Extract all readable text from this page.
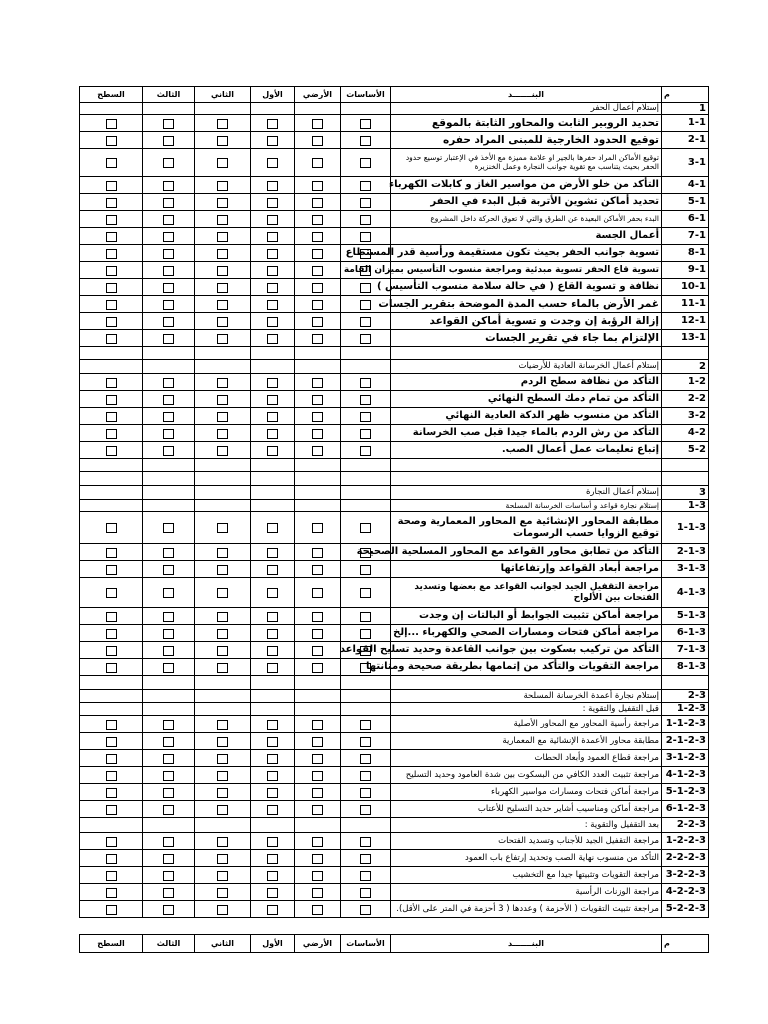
م	البنـــــــد	الأساسات	الأرضي	الأول	الثاني	الثالث	السطح
1	إستلام أعمال الحفر						
1-1	تحديد الروبير الثابت والمحاور الثابتة بالموقع						
2-1	توقيع الحدود الخارجية للمبنى المراد حفره						
3-1	توقيع الأماكن المراد حفرها بالجير او علامة مميزة مع الأخذ في الإعتبار توسيع حدود الحفر بحيث يتناسب مع تقوية جوانب النجارة وعمل الخنزيرة						
4-1	التأكد من خلو الأرض من مواسير الغاز و كابلات الكهرباء						
5-1	تحديد أماكن تشوين الأتربة قبل البدء في الحفر						
6-1	البدء بحفر الأماكن البعيدة عن الطرق والتي لا تعوق الحركة داخل المشروع						
7-1	أعمال الجسة						
8-1	تسوية جوانب الحفر بحيث تكون مستقيمة ورأسية قدر المستطاع						
9-1	تسوية قاع الحفر تسوية مبدئية ومراجعة منسوب التأسيس بميزان القامة						
10-1	نظافة و تسوية القاع ( في حالة سلامة منسوب التأسيس )						
11-1	غمر الأرض بالماء حسب المدة الموضحة بتقرير الجسات						
12-1	إزالة الرؤبة إن وجدت و تسوية أماكن القواعد						
13-1	الإلتزام بما جاء في تقرير الجسات						

2	إستلام أعمال الخرسانة العادية للأرضيات						
1-2	التأكد من نظافة سطح الردم						
2-2	التأكد من تمام دمك السطح النهائي						
3-2	التأكد من منسوب ظهر الدكة العادية النهائي						
4-2	التأكد من رش الردم بالماء جيدا قبل صب الخرسانة						
5-2	إتباع تعليمات عمل أعمال الصب.						

3	إستلام أعمال النجارة						
1-3	إستلام نجارة قواعد و أساسات الخرسانة المسلحة						
1-1-3	مطابقة المحاور الإنشائية مع المحاور المعمارية وصحة توقيع الزوايا حسب الرسومات						
2-1-3	التأكد من تطابق محاور القواعد مع المحاور المسلحية الصحيحة						
3-1-3	مراجعة أبعاد القواعد وإرتفاعاتها						
4-1-3	مراجعة التقفيل الجيد لجوانب القواعد مع بعضها وتسديد الفتحات بين الألواح						
5-1-3	مراجعة أماكن تثبيت الجوابط أو البالتات إن وجدت						
6-1-3	مراجعة أماكن فتحات ومسارات الصحي والكهرباء ...إلخ						
7-1-3	التأكد من تركيب بسكوت بين جوانب القاعدة وحديد تسليح القواعد						
8-1-3	مراجعة التقويات والتأكد من إتمامها بطريقة صحيحة ومتانتها						

2-3	إستلام نجارة أعمدة الخرسانة المسلحة						
1-2-3	قبل التقفيل والتقوية :						
1-1-2-3	مراجعة رأسية المحاور مع المحاور الأصلية						
2-1-2-3	مطابقة محاور الأعمدة الإنشائية مع المعمارية						
3-1-2-3	مراجعة قطاع العمود وأبعاد الحطات						
4-1-2-3	مراجعة تثبيت العدد الكافي من البسكوت بين شدة العامود وحديد التسليح						
5-1-2-3	مراجعة أماكن فتحات ومسارات مواسير الكهرباء						
6-1-2-3	مراجعة أماكن ومناسيب أشاير حديد التسليح للأعتاب						
2-2-3	بعد التقفيل والتقوية :						
1-2-2-3	مراجعة التقفيل الجيد للأجناب وتسديد الفتحات						
2-2-2-3	التأكد من منسوب نهاية الصب وتحديد إرتفاع باب العمود						
3-2-2-3	مراجعة التقويات وتثبيتها جيدا مع التخشيب						
4-2-2-3	مراجعة الوزنات الرأسية						
5-2-2-3	مراجعة تثبيت التقويات ( الأحزمة ) وعددها ( 3 أحزمة في المتر على الأقل).						
م	البنـــــــد	الأساسات	الأرضي	الأول	الثاني	الثالث	السطح
